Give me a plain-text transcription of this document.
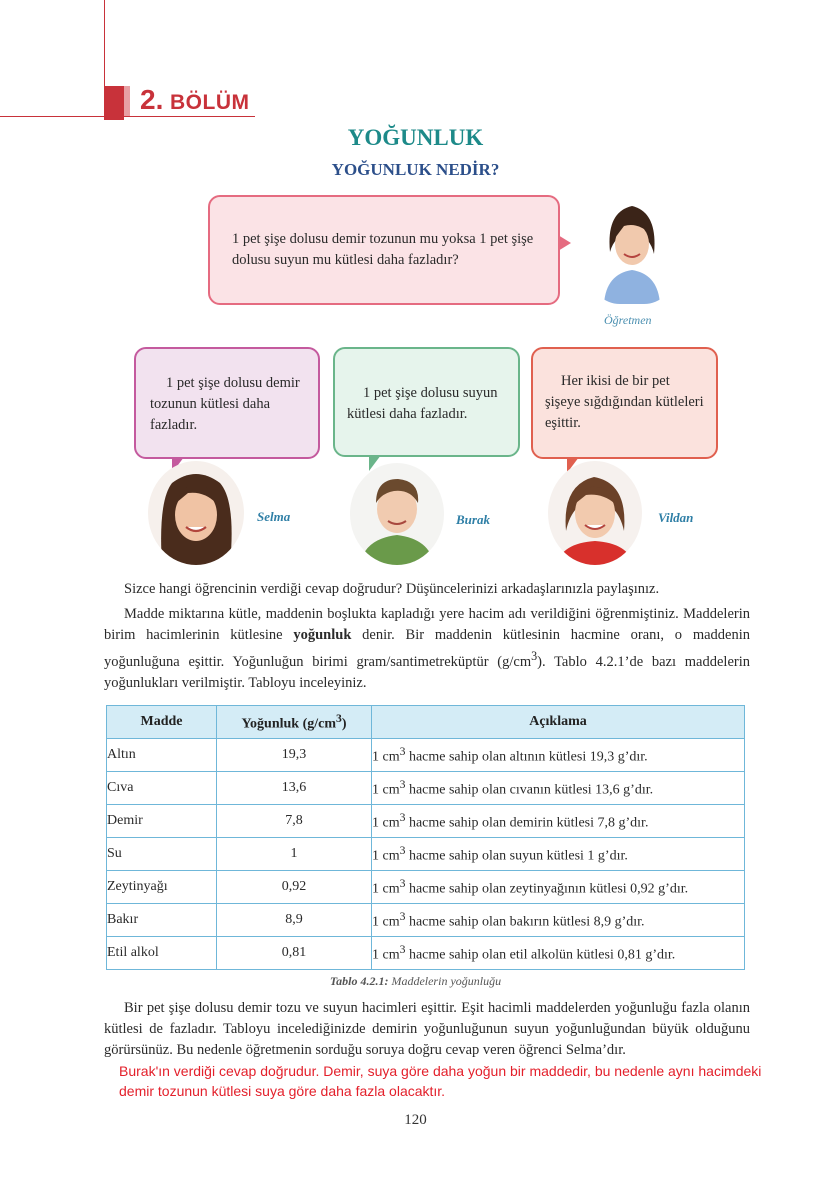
2. BÖLÜM
YOĞUNLUK
YOĞUNLUK NEDİR?
1 pet şişe dolusu demir tozunun mu yoksa 1 pet şişe dolusu suyun mu kütlesi daha fazladır?
Öğretmen
1 pet şişe dolusu demir tozunun kütlesi daha fazladır.
1 pet şişe dolusu suyun kütlesi daha fazladır.
Her ikisi de bir pet şişeye sığdığından kütleleri eşittir.
Selma	Burak	Vildan

Sizce hangi öğrencinin verdiği cevap doğrudur? Düşüncelerinizi arkadaşlarınızla paylaşınız.

Madde miktarına kütle, maddenin boşlukta kapladığı yere hacim adı verildiğini öğrenmiştiniz. Maddelerin birim hacimlerinin kütlesine yoğunluk denir. Bir maddenin kütlesinin hacmine oranı, o maddenin yoğunluğuna eşittir. Yoğunluğun birimi gram/santimetreküptür $(g/cm^3)$. Tablo 4.2.1’de bazı maddelerin yoğunlukları verilmiştir. Tabloyu inceleyiniz.

Madde	Yoğunluk $(g/cm^3)$	Açıklama
Altın	19,3	1 $cm^3$ hacme sahip olan altının kütlesi 19,3 g’dır.
Cıva	13,6	1 $cm^3$ hacme sahip olan cıvanın kütlesi 13,6 g’dır.
Demir	7,8	1 $cm^3$ hacme sahip olan demirin kütlesi 7,8 g’dır.
Su	1	1 $cm^3$ hacme sahip olan suyun kütlesi 1 g’dır.
Zeytinyağı	0,92	1 $cm^3$ hacme sahip olan zeytinyağının kütlesi 0,92 g’dır.
Bakır	8,9	1 $cm^3$ hacme sahip olan bakırın kütlesi 8,9 g’dır.
Etil alkol	0,81	1 $cm^3$ hacme sahip olan etil alkolün kütlesi 0,81 g’dır.
Tablo 4.2.1: Maddelerin yoğunluğu

Bir pet şişe dolusu demir tozu ve suyun hacimleri eşittir. Eşit hacimli maddelerden yoğunluğu fazla olanın kütlesi de fazladır. Tabloyu incelediğinizde demirin yoğunluğunun suyun yoğunluğundan büyük olduğunu görürsünüz. Bu nedenle öğretmenin sorduğu soruya doğru cevap veren öğrenci Selma’dır.

Burak'ın verdiği cevap doğrudur. Demir, suya göre daha yoğun bir maddedir, bu nedenle aynı hacimdeki demir tozunun kütlesi suya göre daha fazla olacaktır.
120
